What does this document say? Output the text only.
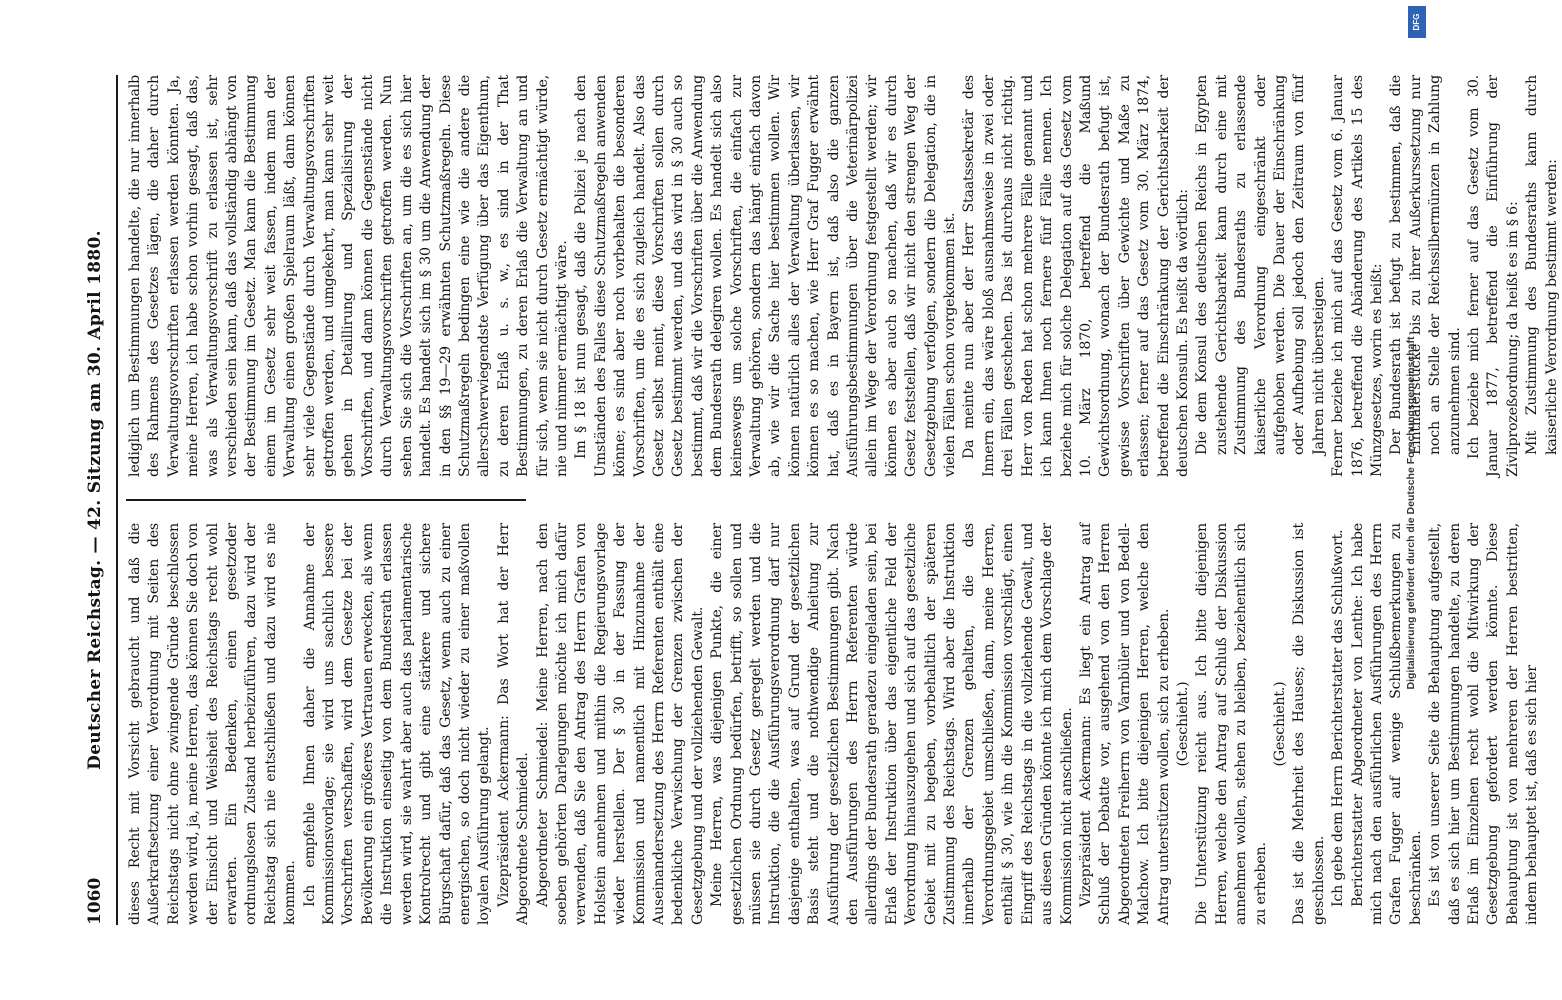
1060
Deutscher Reichstag. — 42. Sitzung am 30. April 1880.	dieses Recht mit Vorsicht gebraucht und daß die Außerkraftsetzung einer Verordnung mit Seiten des Reichstags nicht ohne zwingende Gründe beschlossen werden wird, ja, meine Herren, das können Sie doch von der Einsicht und Weisheit des Reichstags recht wohl erwarten. Ein Bedenken, einen gesetzoder ordnungslosen Zustand herbeizuführen, dazu wird der Reichstag sich nie entschließen und dazu wird es nie kommen. Ich empfehle Ihnen daher die Annahme der Kommissionsvorlage; sie wird uns sachlich bessere Vorschriften verschaffen, wird dem Gesetze bei der Bevölkerung ein größeres Vertrauen erwecken, als wenn die Instruktion einseitig von dem Bundesrath erlassen werden wird, sie wahrt aber auch das parlamentarische Kontrolrecht und gibt eine stärkere und sichere Bürgschaft dafür, daß das Gesetz, wenn auch zu einer energischen, so doch nicht wieder zu einer maßvollen loyalen Ausführung gelangt. Vizepräsident Ackermann: Das Wort hat der Herr Abgeordnete Schmiedel. Abgeordneter Schmiedel: Meine Herren, nach den soeben gehörten Darlegungen möchte ich mich dafür verwenden, daß Sie den Antrag des Herrn Grafen von Holstein annehmen und mithin die Regierungsvorlage wieder herstellen. Der § 30 in der Fassung der Kommission und namentlich mit Hinzunahme der Auseinandersetzung des Herrn Referenten enthält eine bedenkliche Verwischung der Grenzen zwischen der Gesetzgebung und der vollziehenden Gewalt. Meine Herren, was diejenigen Punkte, die einer gesetzlichen Ordnung bedürfen, betrifft, so sollen und müssen sie durch Gesetz geregelt werden und die Instruktion, die die Ausführungsverordnung darf nur dasjenige enthalten, was auf Grund der gesetzlichen Basis steht und die nothwendige Anleitung zur Ausführung der gesetzlichen Bestimmungen gibt. Nach den Ausführungen des Herrn Referenten würde allerdings der Bundesrath geradezu eingeladen sein, bei Erlaß der Instruktion über das eigentliche Feld der Verordnung hinauszugehen und sich auf das gesetzliche Gebiet mit zu begeben, vorbehaltlich der späteren Zustimmung des Reichstags. Wird aber die Instruktion innerhalb der Grenzen gehalten, die das Verordnungsgebiet umschließen, dann, meine Herren, enthält § 30, wie ihn die Kommission vorschlägt, einen Eingriff des Reichstags in die vollziehende Gewalt, und aus diesen Gründen könnte ich mich dem Vorschlage der Kommission nicht anschließen. Vizepräsident Ackermann: Es liegt ein Antrag auf Schluß der Debatte vor, ausgehend von den Herren Abgeordneten Freiherrn von Varnbüler und von Bedell-Malchow. Ich bitte diejenigen Herren, welche den Antrag unterstützen wollen, sich zu erheben. (Geschieht.) Die Unterstützung reicht aus. Ich bitte diejenigen Herren, welche den Antrag auf Schluß der Diskussion annehmen wollen, stehen zu bleiben, beziehentlich sich zu erheben.

(Geschieht.) Das ist die Mehrheit des Hauses; die Diskussion ist geschlossen. Ich gebe dem Herrn Berichterstatter das Schlußwort. Berichterstatter Abgeordneter von Lenthe: Ich habe mich nach den ausführlichen Ausführungen des Herrn Grafen Fugger auf wenige Schlußbemerkungen zu beschränken. Es ist von unserer Seite die Behauptung aufgestellt, daß es sich hier um Bestimmungen handelte, zu deren Erlaß im Einzelnen recht wohl die Mitwirkung der Gesetzgebung gefordert werden könnte. Diese Behauptung ist von mehreren der Herren bestritten, indem behauptet ist, daß es sich hier

lediglich um Bestimmungen handelte, die nur innerhalb des Rahmens des Gesetzes lägen, die daher durch Verwaltungsvorschriften erlassen werden könnten. Ja, meine Herren, ich habe schon vorhin gesagt, daß das, was als Verwaltungsvorschrift zu erlassen ist, sehr verschieden sein kann, daß das vollständig abhängt von der Bestimmung im Gesetz. Man kann die Bestimmung einem im Gesetz sehr weit fassen, indem man der Verwaltung einen großen Spielraum läßt, dann können sehr viele Gegenstände durch Verwaltungsvorschriften getroffen werden, und umgekehrt, man kann sehr weit gehen in Detaillirung und Spezialisirung der Vorschriften, und dann können die Gegenstände nicht durch Verwaltungsvorschriften getroffen werden. Nun sehen Sie sich die Vorschriften an, um die es sich hier handelt. Es handelt sich im § 30 um die Anwendung der in den §§ 19—29 erwähnten Schutzmaßregeln. Diese Schutzmaßregeln bedingen eine wie die andere die allerschwerwiegendste Verfügung über das Eigenthum, zu deren Erlaß u. s. w., es sind in der That Bestimmungen, zu deren Erlaß die Verwaltung an und für sich, wenn sie nicht durch Gesetz ermächtigt würde, nie und nimmer ermächtigt wäre. Im § 18 ist nun gesagt, daß die Polizei je nach den Umständen des Falles diese Schutzmaßregeln anwenden könne; es sind aber noch vorbehalten die besonderen Vorschriften, um die es sich zugleich handelt. Also das Gesetz selbst meint, diese Vorschriften sollen durch Gesetz bestimmt werden, und das wird in § 30 auch so bestimmt, daß wir die Vorschriften über die Anwendung dem Bundesrath delegiren wollen. Es handelt sich also keineswegs um solche Vorschriften, die einfach zur Verwaltung gehören, sondern das hängt einfach davon ab, wie wir die Sache hier bestimmen wollen. Wir können natürlich alles der Verwaltung überlassen, wir können es so machen, wie Herr Graf Fugger erwähnt hat, daß es in Bayern ist, daß also die ganzen Ausführungsbestimmungen über die Veterinärpolizei allein im Wege der Verordnung festgestellt werden; wir können es aber auch so machen, daß wir es durch Gesetz feststellen, daß wir nicht den strengen Weg der Gesetzgebung verfolgen, sondern die Delegation, die in vielen Fällen schon vorgekommen ist. Da meinte nun aber der Herr Staatssekretär des Innern ein, das wäre bloß ausnahmsweise in zwei oder drei Fällen geschehen. Das ist durchaus nicht richtig. Herr von Reden hat schon mehrere Fälle genannt und ich kann Ihnen noch fernere fünf Fälle nennen. Ich beziehe mich für solche Delegation auf das Gesetz vom 10. März 1870, betreffend die Maßund Gewichtsordnung, wonach der Bundesrath befugt ist, gewisse Vorschriften über Gewichte und Maße zu erlassen; ferner auf das Gesetz vom 30. März 1874, betreffend die Einschränkung der Gerichtsbarkeit der deutschen Konsuln. Es heißt da wörtlich: Die dem Konsul des deutschen Reichs in Egypten zustehende Gerichtsbarkeit kann durch eine mit Zustimmung des Bundesraths zu erlassende kaiserliche Verordnung eingeschränkt oder aufgehoben werden. Die Dauer der Einschränkung oder Aufhebung soll jedoch den Zeitraum von fünf Jahren nicht übersteigen. Ferner beziehe ich mich auf das Gesetz vom 6. Januar 1876, betreffend die Abänderung des Artikels 15 des Münzgesetzes, worin es heißt: Der Bundesrath ist befugt zu bestimmen, daß die Einthalerstücke bis zu ihrer Außerkurssetzung nur noch an Stelle der Reichssilbermünzen in Zahlung anzunehmen sind. Ich beziehe mich ferner auf das Gesetz vom 30. Januar 1877, betreffend die Einführung der Zivilprozeßordnung; da heißt es im § 6: Mit Zustimmung des Bundesraths kann durch kaiserliche Verordnung bestimmt werden:

Digitalisierung gefördert durch die Deutsche Forschungsgemeinschaft
DFG
